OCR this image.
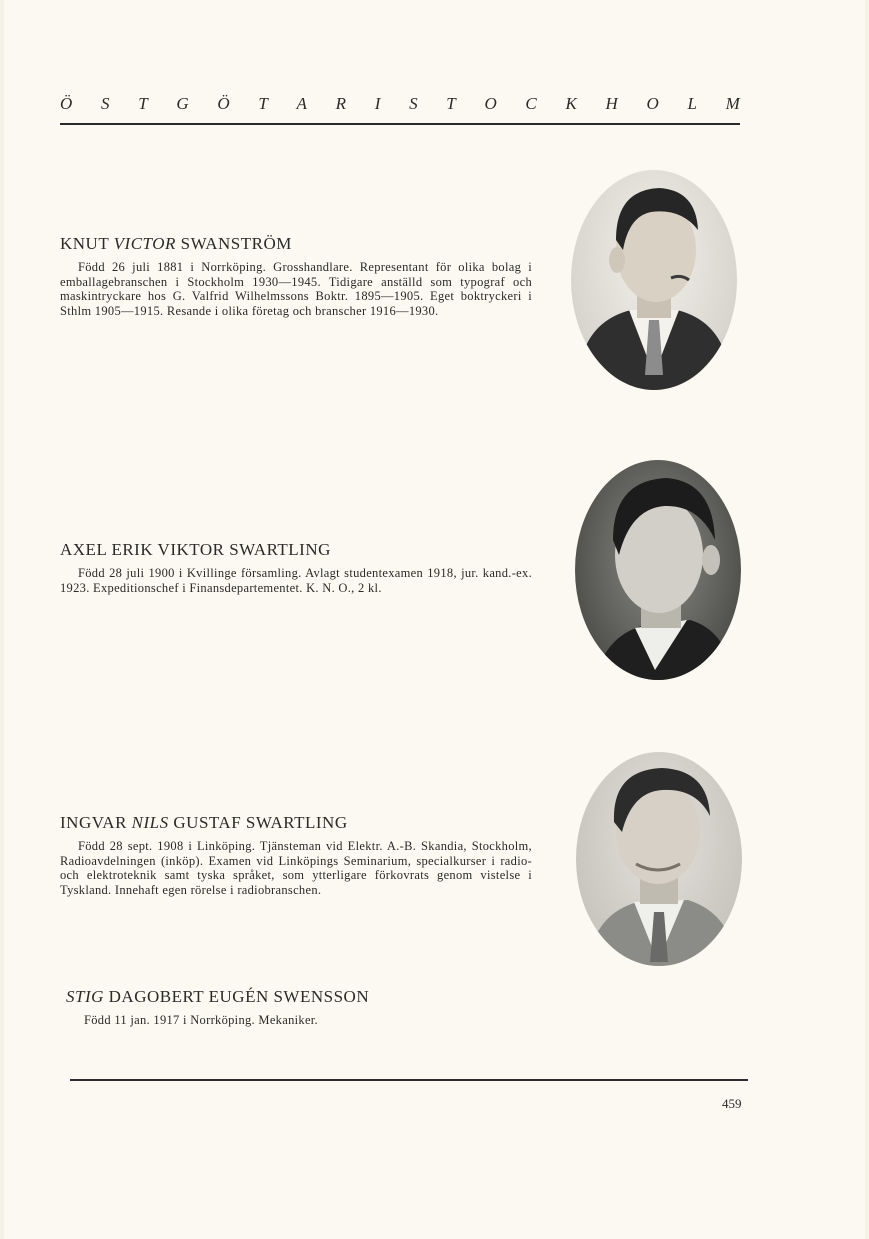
Ö S T G Ö T A R I S T O C K H O L M
KNUT VICTOR SWANSTRÖM

Född 26 juli 1881 i Norrköping. Grosshandlare. Representant för olika bolag i emballagebranschen i Stockholm 1930—1945. Tidigare anställd som typograf och maskintryckare hos G. Valfrid Wilhelmssons Boktr. 1895—1905. Eget boktryckeri i Sthlm 1905—1915. Resande i olika företag och branscher 1916—1930.

AXEL ERIK VIKTOR SWARTLING

Född 28 juli 1900 i Kvillinge församling. Avlagt studentexamen 1918, jur. kand.-ex. 1923. Expeditionschef i Finansdepartementet. K. N. O., 2 kl.

INGVAR NILS GUSTAF SWARTLING

Född 28 sept. 1908 i Linköping. Tjänsteman vid Elektr. A.-B. Skandia, Stockholm, Radioavdelningen (inköp). Examen vid Linköpings Seminarium, specialkurser i radio- och elektroteknik samt tyska språket, som ytterligare förkovrats genom vistelse i Tyskland. Innehaft egen rörelse i radiobranschen.

STIG DAGOBERT EUGÉN SWENSSON

Född 11 jan. 1917 i Norrköping. Mekaniker.

459
